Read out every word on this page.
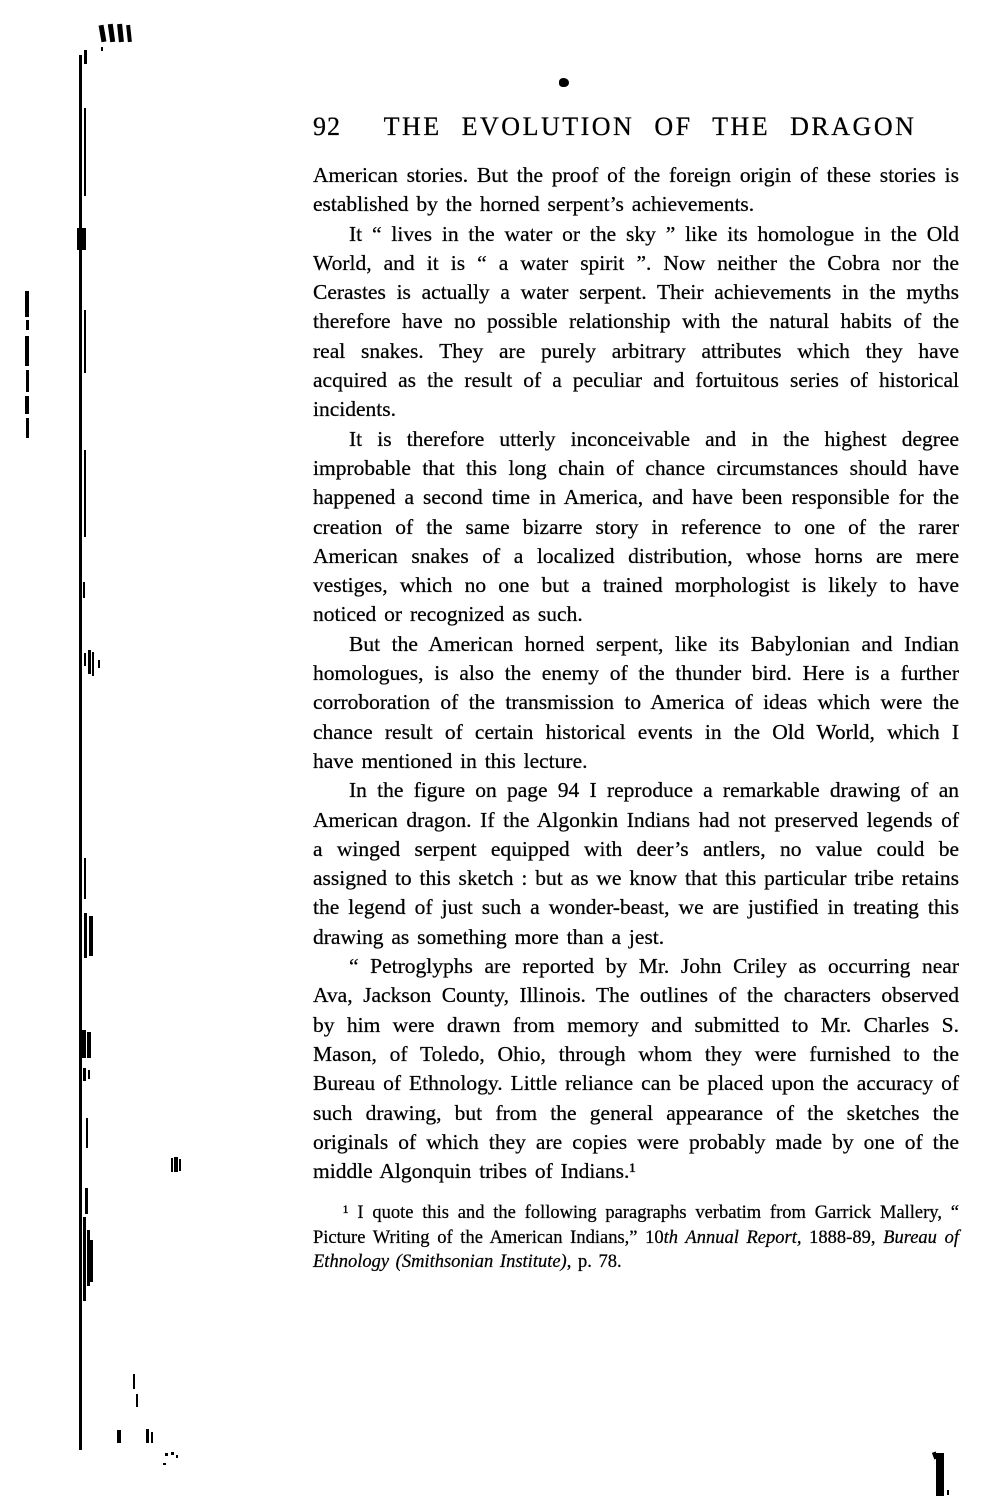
92	THE EVOLUTION OF THE DRAGON

American stories. But the proof of the foreign origin of these stories is established by the horned serpent’s achievements.

It “ lives in the water or the sky ” like its homologue in the Old World, and it is “ a water spirit ”. Now neither the Cobra nor the Cerastes is actually a water serpent. Their achievements in the myths therefore have no possible relationship with the natural habits of the real snakes. They are purely arbitrary attributes which they have acquired as the result of a peculiar and fortuitous series of historical incidents.

It is therefore utterly inconceivable and in the highest degree improbable that this long chain of chance circumstances should have happened a second time in America, and have been responsible for the creation of the same bizarre story in reference to one of the rarer American snakes of a localized distribution, whose horns are mere vestiges, which no one but a trained morphologist is likely to have noticed or recognized as such.

But the American horned serpent, like its Babylonian and Indian homologues, is also the enemy of the thunder bird. Here is a further corroboration of the transmission to America of ideas which were the chance result of certain historical events in the Old World, which I have mentioned in this lecture.

In the figure on page 94 I reproduce a remarkable drawing of an American dragon. If the Algonkin Indians had not preserved legends of a winged serpent equipped with deer’s antlers, no value could be assigned to this sketch : but as we know that this particular tribe retains the legend of just such a wonder-beast, we are justified in treating this drawing as something more than a jest.

“ Petroglyphs are reported by Mr. John Criley as occurring near Ava, Jackson County, Illinois. The outlines of the characters observed by him were drawn from memory and submitted to Mr. Charles S. Mason, of Toledo, Ohio, through whom they were furnished to the Bureau of Ethnology. Little reliance can be placed upon the accuracy of such drawing, but from the general appearance of the sketches the originals of which they are copies were probably made by one of the middle Algonquin tribes of Indians.¹

¹ I quote this and the following paragraphs verbatim from Garrick Mallery, “ Picture Writing of the American Indians,” 10th Annual Report, 1888-89, Bureau of Ethnology (Smithsonian Institute), p. 78.
